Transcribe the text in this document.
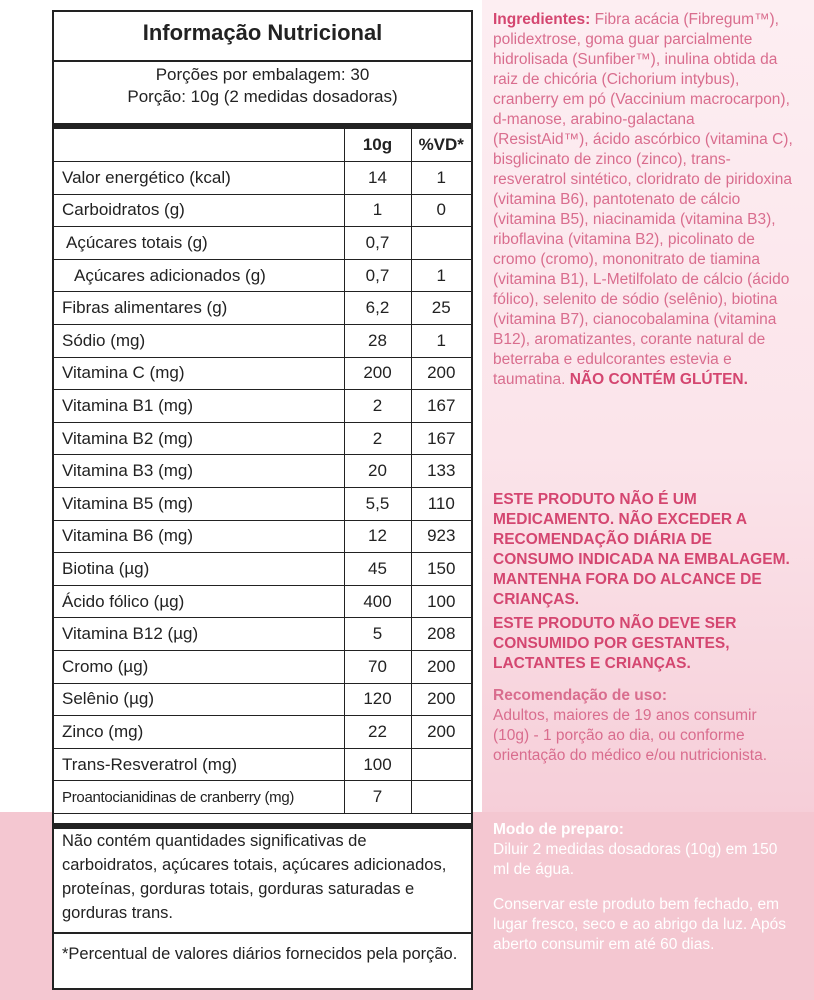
Informação Nutricional
Porções por embalagem: 30
Porção: 10g (2 medidas dosadoras)
	10g	%VD*
Valor energético (kcal)	14	1
Carboidratos (g)	1	0
Açúcares totais (g)	0,7	
Açúcares adicionados (g)	0,7	1
Fibras alimentares (g)	6,2	25
Sódio (mg)	28	1
Vitamina C (mg)	200	200
Vitamina B1 (mg)	2	167
Vitamina B2 (mg)	2	167
Vitamina B3 (mg)	20	133
Vitamina B5 (mg)	5,5	110
Vitamina B6 (mg)	12	923
Biotina (µg)	45	150
Ácido fólico (µg)	400	100
Vitamina B12 (µg)	5	208
Cromo (µg)	70	200
Selênio (µg)	120	200
Zinco (mg)	22	200
Trans-Resveratrol (mg)	100	
Proantocianidinas de cranberry (mg)	7	
Não contém quantidades significativas de carboidratos, açúcares totais, açúcares adicionados, proteínas, gorduras totais, gorduras saturadas e gorduras trans.
*Percentual de valores diários fornecidos pela porção.
Ingredientes: Fibra acácia (Fibregum™), polidextrose, goma guar parcialmente hidrolisada (Sunfiber™), inulina obtida da raiz de chicória (Cichorium intybus), cranberry em pó (Vaccinium macrocarpon), d-manose, arabino-galactana (ResistAid™), ácido ascórbico (vitamina C), bisglicinato de zinco (zinco), trans-resveratrol sintético, cloridrato de piridoxina (vitamina B6), pantotenato de cálcio (vitamina B5), niacinamida (vitamina B3), riboflavina (vitamina B2), picolinato de cromo (cromo), mononitrato de tiamina (vitamina B1), L-Metilfolato de cálcio (ácido fólico), selenito de sódio (selênio), biotina (vitamina B7), cianocobalamina (vitamina B12), aromatizantes, corante natural de beterraba e edulcorantes estevia e taumatina. NÃO CONTÉM GLÚTEN.
ESTE PRODUTO NÃO É UM MEDICAMENTO. NÃO EXCEDER A RECOMENDAÇÃO DIÁRIA DE CONSUMO INDICADA NA EMBALAGEM. MANTENHA FORA DO ALCANCE DE CRIANÇAS.
ESTE PRODUTO NÃO DEVE SER CONSUMIDO POR GESTANTES, LACTANTES E CRIANÇAS.
Recomendação de uso:
Adultos, maiores de 19 anos consumir (10g) - 1 porção ao dia, ou conforme orientação do médico e/ou nutricionista.
Modo de preparo:
Diluir 2 medidas dosadoras (10g) em 150 ml de água.
Conservar este produto bem fechado, em lugar fresco, seco e ao abrigo da luz. Após aberto consumir em até 60 dias.
